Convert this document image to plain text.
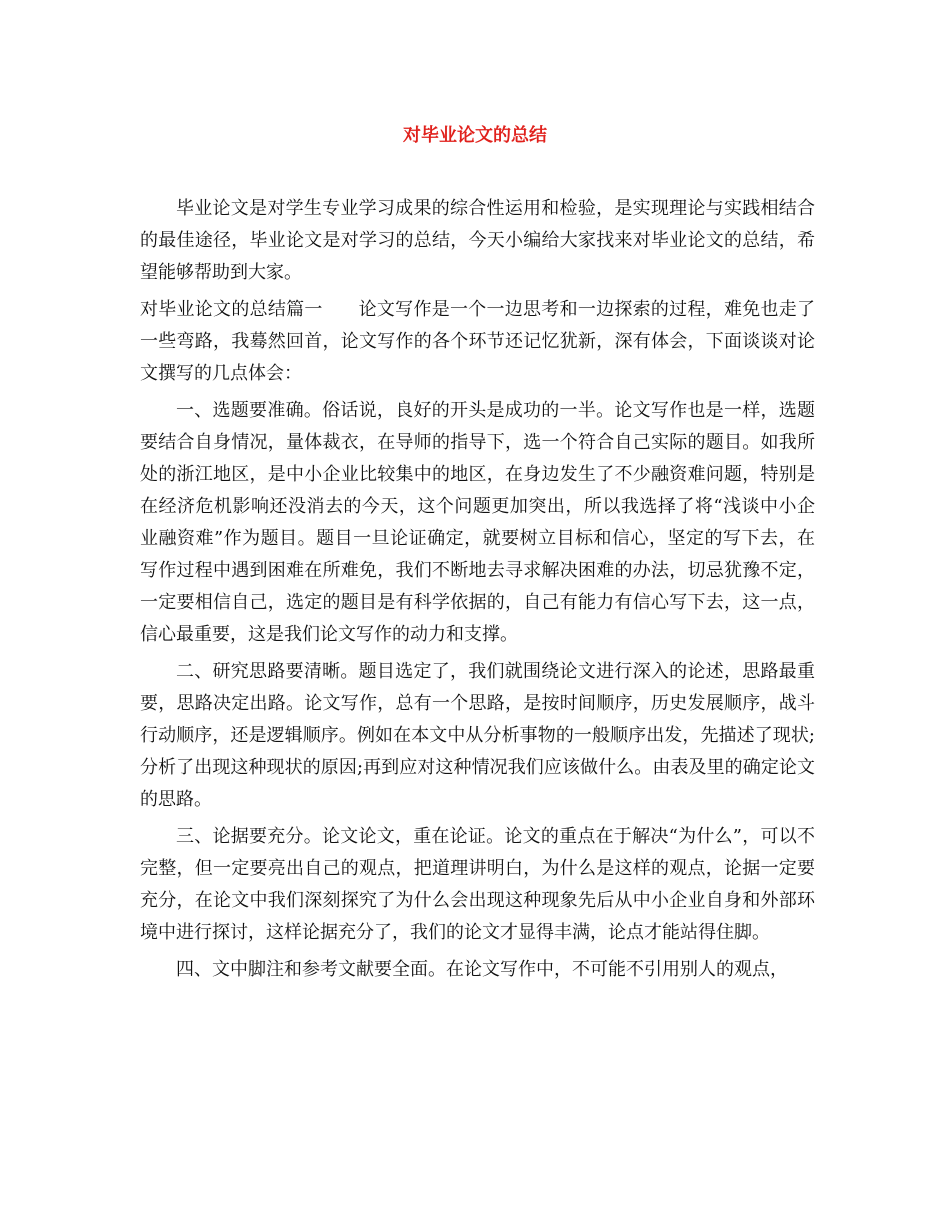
对毕业论文的总结

毕业论文是对学生专业学习成果的综合性运用和检验，是实现理论与实践相结合的最佳途径，毕业论文是对学习的总结，今天小编给大家找来对毕业论文的总结，希望能够帮助到大家。

对毕业论文的总结篇一 论文写作是一个一边思考和一边探索的过程，难免也走了一些弯路，我蓦然回首，论文写作的各个环节还记忆犹新，深有体会，下面谈谈对论文撰写的几点体会：

一、选题要准确。俗话说，良好的开头是成功的一半。论文写作也是一样，选题要结合自身情况，量体裁衣，在导师的指导下，选一个符合自己实际的题目。如我所处的浙江地区，是中小企业比较集中的地区，在身边发生了不少融资难问题，特别是在经济危机影响还没消去的今天，这个问题更加突出，所以我选择了将“浅谈中小企业融资难”作为题目。题目一旦论证确定，就要树立目标和信心，坚定的写下去，在写作过程中遇到困难在所难免，我们不断地去寻求解决困难的办法，切忌犹豫不定，一定要相信自己，选定的题目是有科学依据的，自己有能力有信心写下去，这一点，信心最重要，这是我们论文写作的动力和支撑。

二、研究思路要清晰。题目选定了，我们就围绕论文进行深入的论述，思路最重要，思路决定出路。论文写作，总有一个思路，是按时间顺序，历史发展顺序，战斗行动顺序，还是逻辑顺序。例如在本文中从分析事物的一般顺序出发，先描述了现状;分析了出现这种现状的原因;再到应对这种情况我们应该做什么。由表及里的确定论文的思路。

三、论据要充分。论文论文，重在论证。论文的重点在于解决“为什么”，可以不完整，但一定要亮出自己的观点，把道理讲明白，为什么是这样的观点，论据一定要充分，在论文中我们深刻探究了为什么会出现这种现象先后从中小企业自身和外部环境中进行探讨，这样论据充分了，我们的论文才显得丰满，论点才能站得住脚。

四、文中脚注和参考文献要全面。在论文写作中，不可能不引用别人的观点，
